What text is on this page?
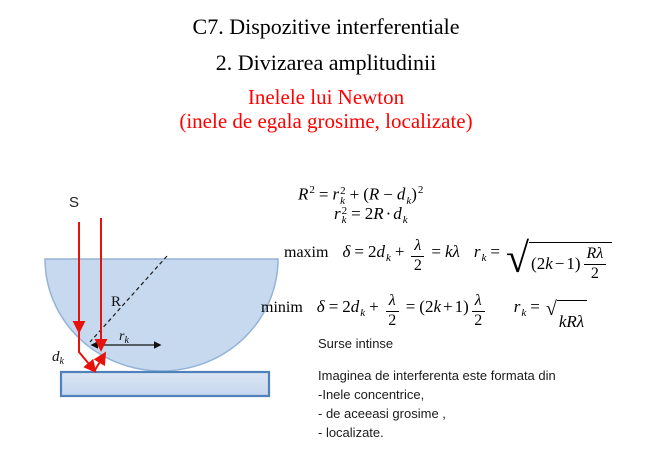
C7. Dispozitive interferentiale
2. Divizarea amplitudinii
Inelele lui Newton
(inele de egala grosime, localizate)
S
R
$r_k$
$d_k$
$R^2 = r$ 2
$k + (R - d_k)^2$
r 2
$k = 2R \cdot d_k$
maxim $\delta = 2d_k + \frac{\lambda}{2} = k\lambda$ $r_k$ = √ ( 2 k − 1 ) $\frac{R\lambda}{2}$
minim $\delta = 2d_k + \frac{\lambda}{2} = (2k + 1) \frac{\lambda}{2} r_k$ = √
k R λ
Surse intinse
Imaginea de interferenta este formata din
-Inele concentrice,
- de aceeasi grosime ,
- localizate.
